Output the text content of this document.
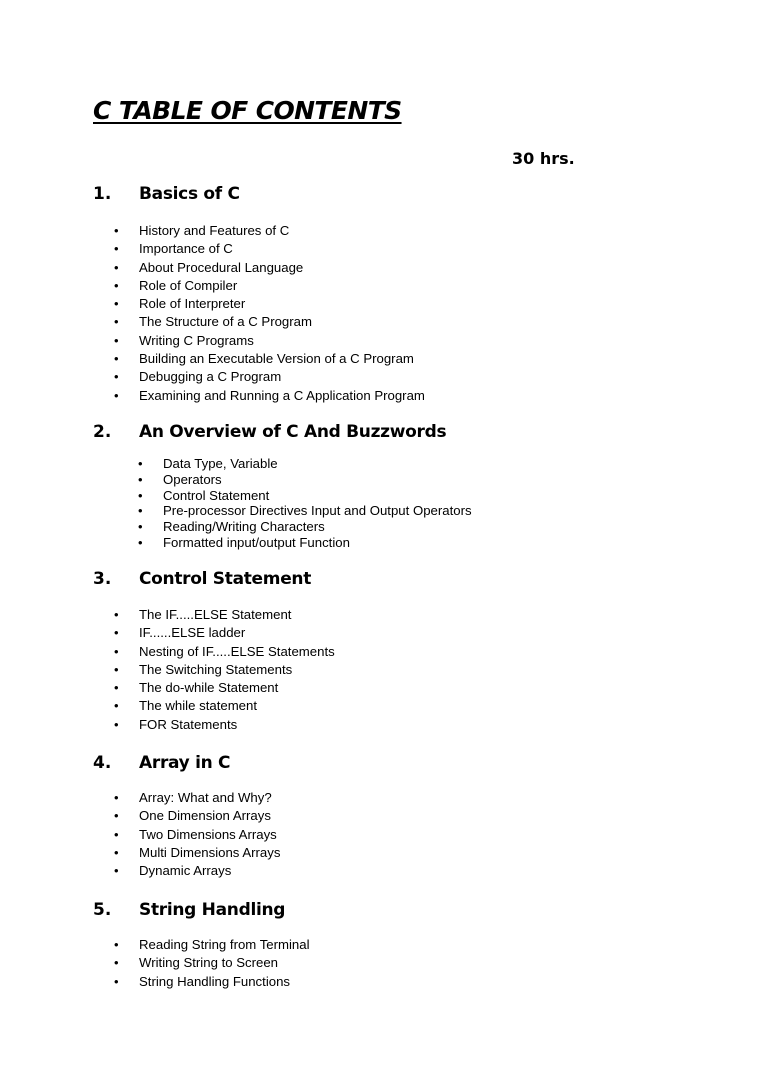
C TABLE OF CONTENTS
30 hrs.
1. Basics of C
• History and Features of C
• Importance of C
• About Procedural Language
• Role of Compiler
• Role of Interpreter
• The Structure of a C Program
• Writing C Programs
• Building an Executable Version of a C Program
• Debugging a C Program
• Examining and Running a C Application Program
2. An Overview of C And Buzzwords
• Data Type, Variable
• Operators
• Control Statement
• Pre-processor Directives Input and Output Operators
• Reading/Writing Characters
• Formatted input/output Function
3. Control Statement
• The IF.....ELSE Statement
• IF......ELSE ladder
• Nesting of IF.....ELSE Statements
• The Switching Statements
• The do-while Statement
• The while statement
• FOR Statements
4. Array in C
• Array: What and Why?
• One Dimension Arrays
• Two Dimensions Arrays
• Multi Dimensions Arrays
• Dynamic Arrays
5. String Handling
• Reading String from Terminal
• Writing String to Screen
• String Handling Functions
